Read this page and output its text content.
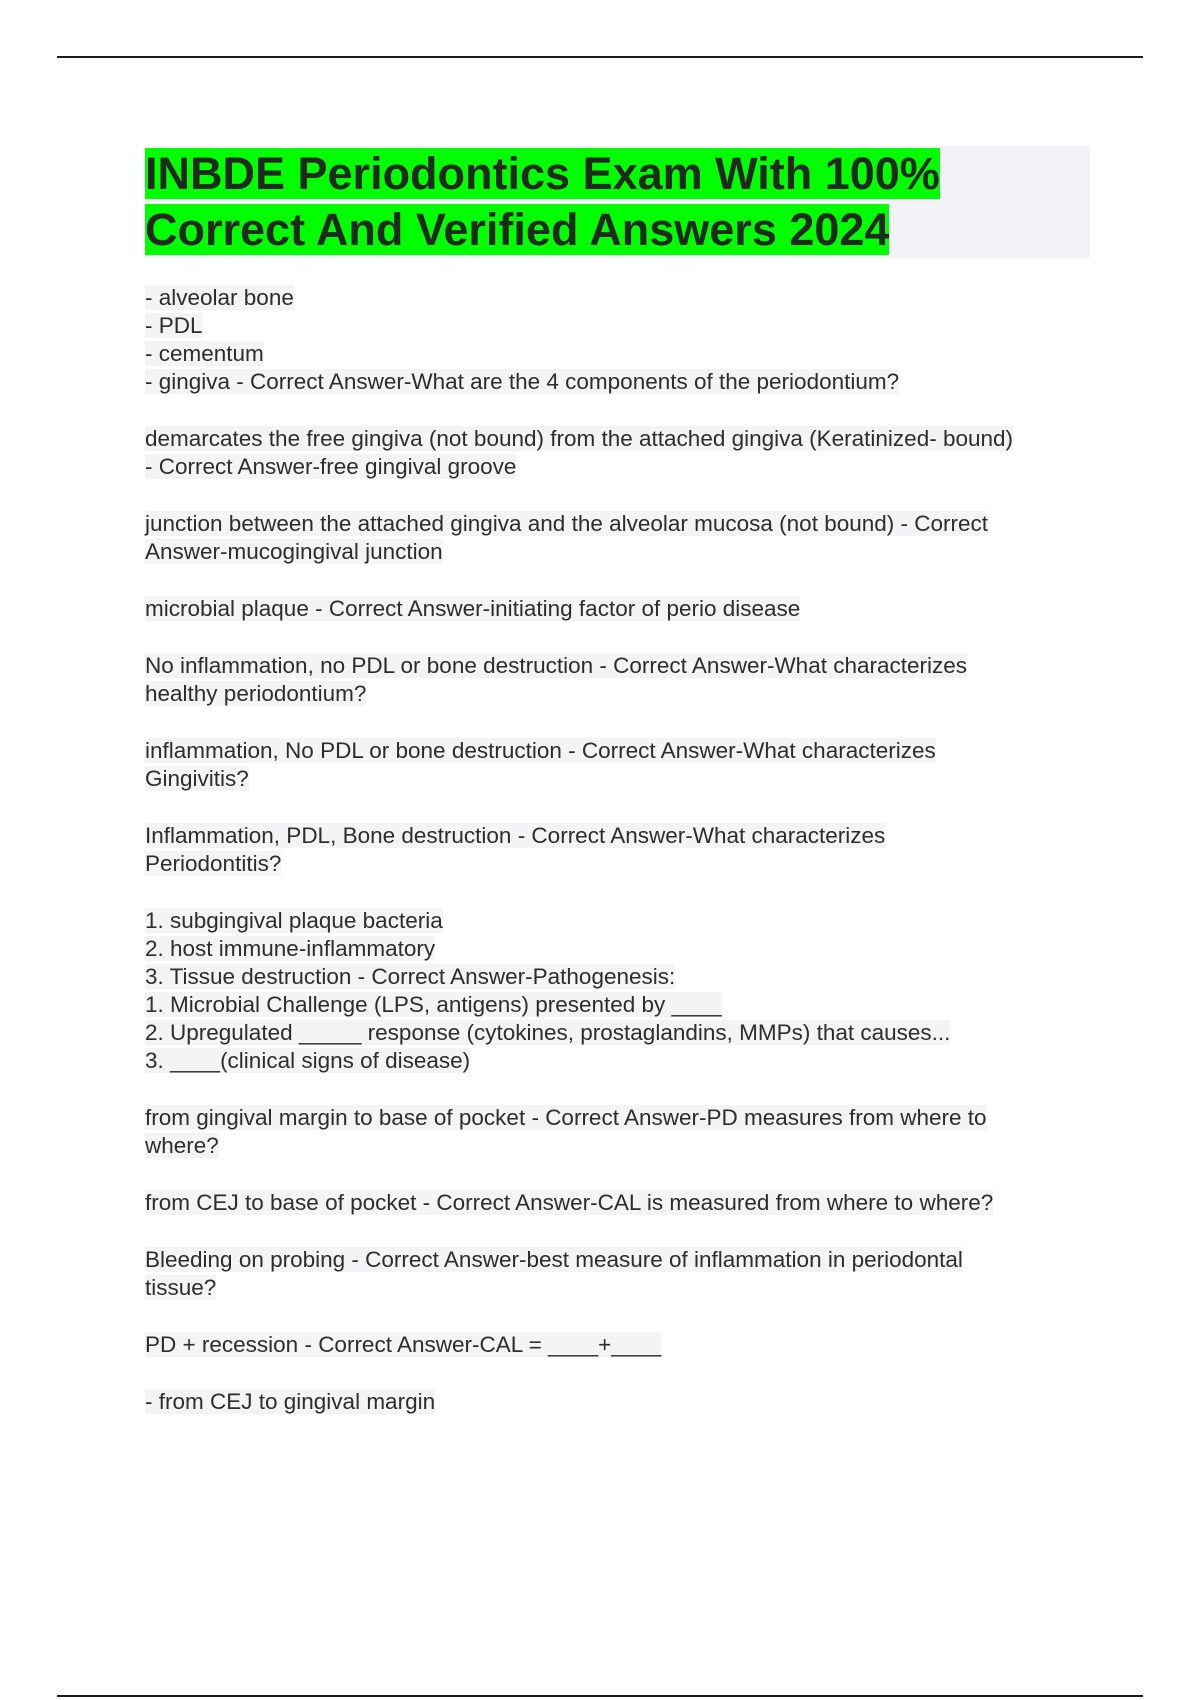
INBDE Periodontics Exam With 100%
Correct And Verified Answers 2024
- alveolar bone
- PDL
- cementum
- gingiva - Correct Answer-What are the 4 components of the periodontium?
demarcates the free gingiva (not bound) from the attached gingiva (Keratinized- bound)
- Correct Answer-free gingival groove
junction between the attached gingiva and the alveolar mucosa (not bound) - Correct
Answer-mucogingival junction
microbial plaque - Correct Answer-initiating factor of perio disease
No inflammation, no PDL or bone destruction - Correct Answer-What characterizes
healthy periodontium?
inflammation, No PDL or bone destruction - Correct Answer-What characterizes
Gingivitis?
Inflammation, PDL, Bone destruction - Correct Answer-What characterizes
Periodontitis?
1. subgingival plaque bacteria
2. host immune-inflammatory
3. Tissue destruction - Correct Answer-Pathogenesis:
1. Microbial Challenge (LPS, antigens) presented by ____
2. Upregulated _____ response (cytokines, prostaglandins, MMPs) that causes...
3. ____(clinical signs of disease)
from gingival margin to base of pocket - Correct Answer-PD measures from where to
where?
from CEJ to base of pocket - Correct Answer-CAL is measured from where to where?
Bleeding on probing - Correct Answer-best measure of inflammation in periodontal
tissue?
PD + recession - Correct Answer-CAL = ____+____
- from CEJ to gingival margin
